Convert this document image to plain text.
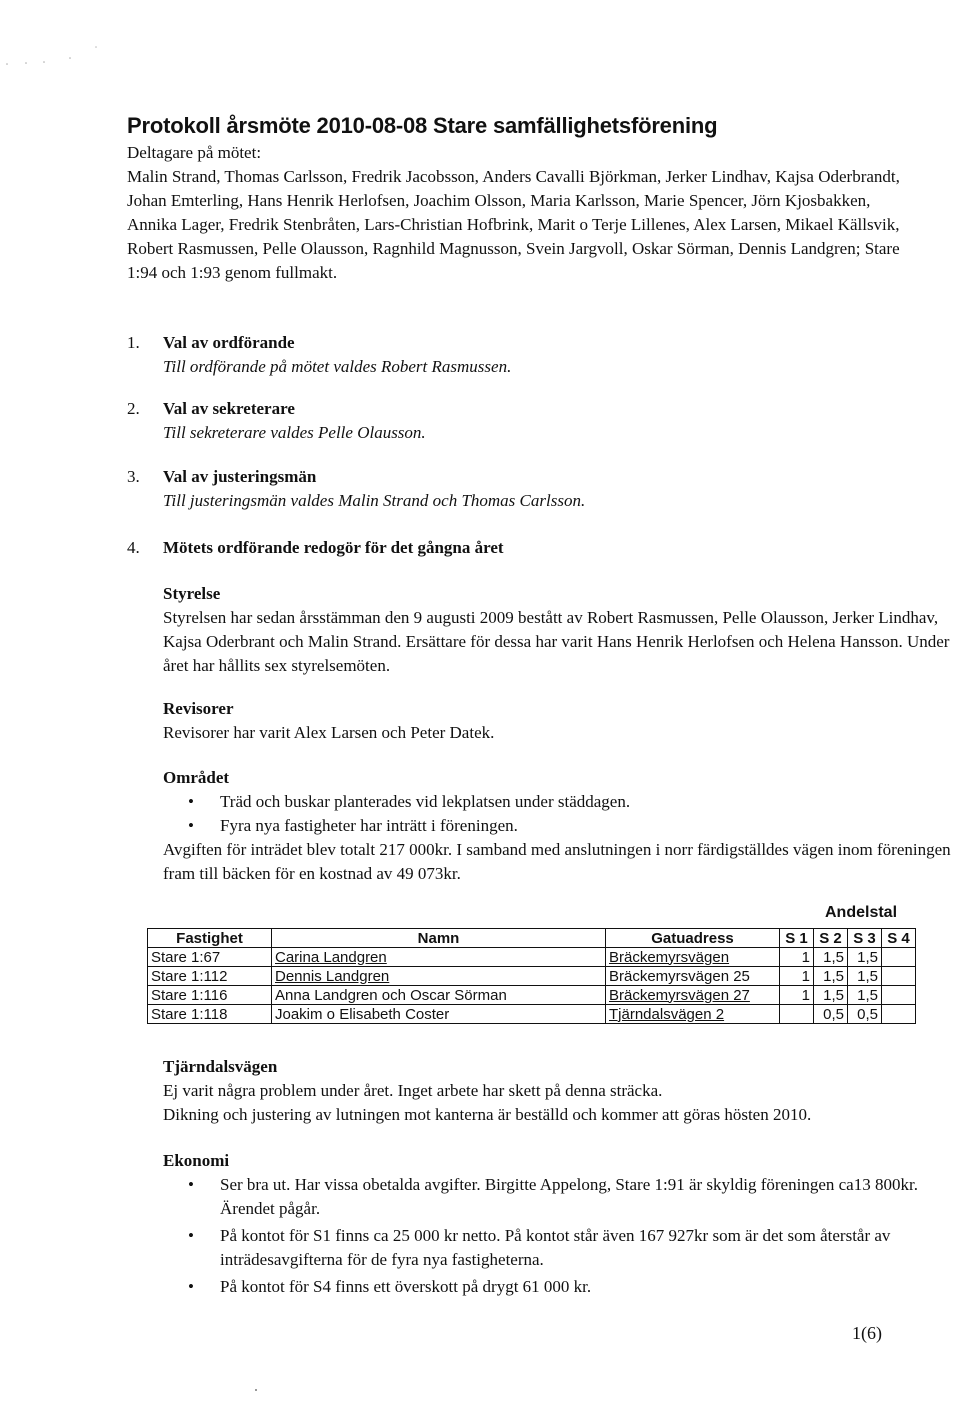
Protokoll årsmöte 2010-08-08 Stare samfällighetsförening
Deltagare på mötet:
Malin Strand, Thomas Carlsson, Fredrik Jacobsson, Anders Cavalli Björkman, Jerker Lindhav, Kajsa Oderbrandt, Johan Emterling, Hans Henrik Herlofsen, Joachim Olsson, Maria Karlsson, Marie Spencer, Jörn Kjosbakken, Annika Lager, Fredrik Stenbråten, Lars-Christian Hofbrink, Marit o Terje Lillenes, Alex Larsen, Mikael Källsvik, Robert Rasmussen, Pelle Olausson, Ragnhild Magnusson, Svein Jargvoll, Oskar Sörman, Dennis Landgren; Stare 1:94 och 1:93 genom fullmakt.
1. Val av ordförande
Till ordförande på mötet valdes Robert Rasmussen.
2. Val av sekreterare
Till sekreterare valdes Pelle Olausson.
3. Val av justeringsmän
Till justeringsmän valdes Malin Strand och Thomas Carlsson.
4. Mötets ordförande redogör för det gångna året
Styrelse

Styrelsen har sedan årsstämman den 9 augusti 2009 bestått av Robert Rasmussen, Pelle Olausson, Jerker Lindhav, Kajsa Oderbrant och Malin Strand. Ersättare för dessa har varit Hans Henrik Herlofsen och Helena Hansson. Under året har hållits sex styrelsemöten.

Revisorer

Revisorer har varit Alex Larsen och Peter Datek.

Området
• Träd och buskar planterades vid lekplatsen under städdagen.
• Fyra nya fastigheter har inträtt i föreningen.

Avgiften för inträdet blev totalt 217 000kr. I samband med anslutningen i norr färdigställdes vägen inom föreningen fram till bäcken för en kostnad av 49 073kr.

Andelstal
Fastighet	Namn	Gatuadress	S 1	S 2	S 3	S 4
Stare 1:67	Carina Landgren	Bräckemyrsvägen	1	1,5	1,5	
Stare 1:112	Dennis Landgren	Bräckemyrsvägen 25	1	1,5	1,5	
Stare 1:116	Anna Landgren och Oscar Sörman	Bräckemyrsvägen 27	1	1,5	1,5	
Stare 1:118	Joakim o Elisabeth Coster	Tjärndalsvägen 2		0,5	0,5	
Tjärndalsvägen

Ej varit några problem under året. Inget arbete har skett på denna sträcka.

Dikning och justering av lutningen mot kanterna är beställd och kommer att göras hösten 2010.

Ekonomi
• Ser bra ut. Har vissa obetalda avgifter. Birgitte Appelong, Stare 1:91 är skyldig föreningen ca13 800kr. Ärendet pågår.
• På kontot för S1 finns ca 25 000 kr netto. På kontot står även 167 927kr som är det som återstår av inträdesavgifterna för de fyra nya fastigheterna.
• På kontot för S4 finns ett överskott på drygt 61 000 kr.
1(6)
